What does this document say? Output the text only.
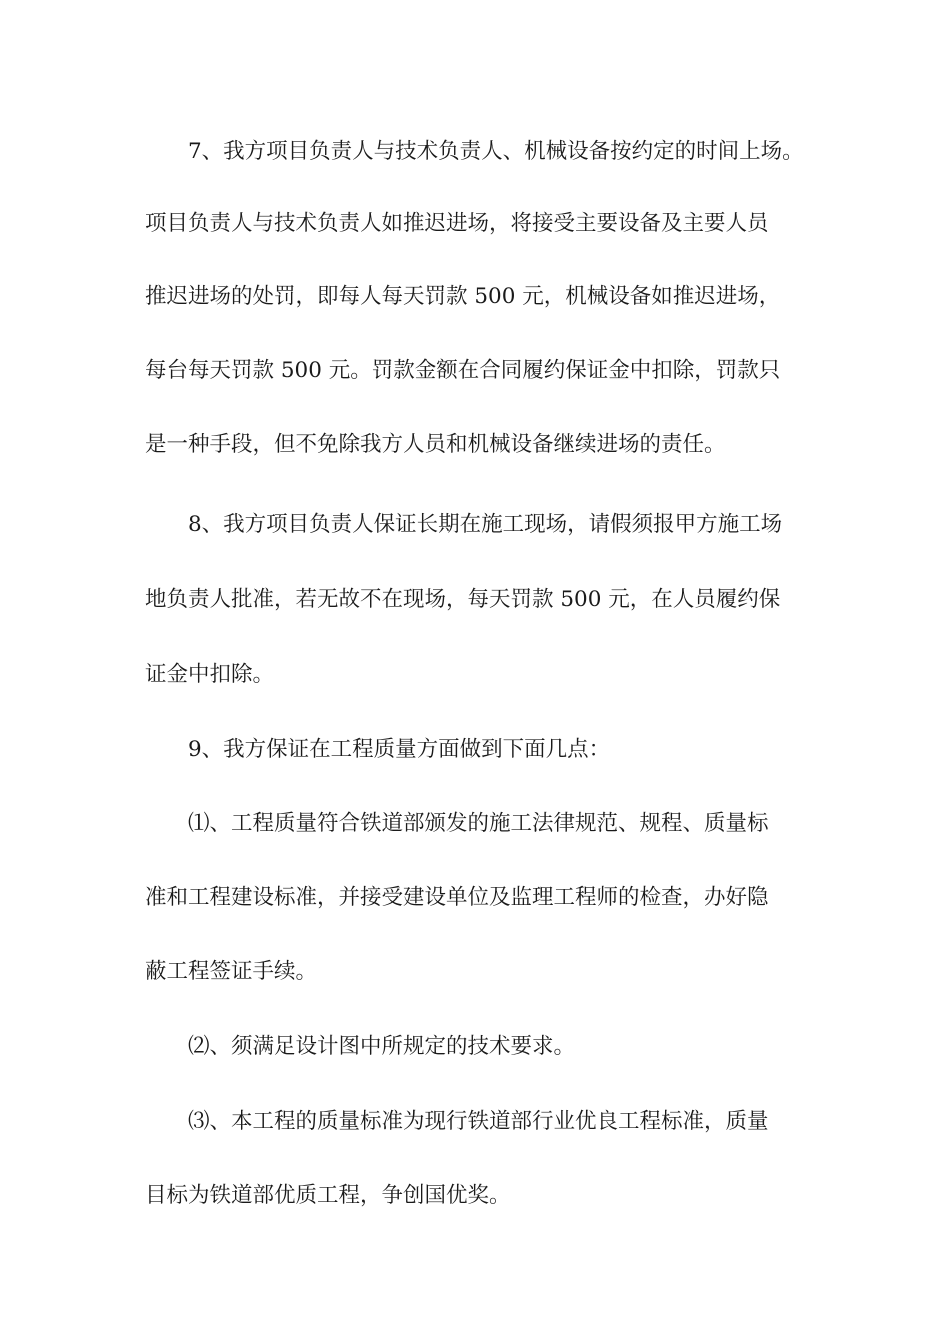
7、我方项目负责人与技术负责人、机械设备按约定的时间上场。
项目负责人与技术负责人如推迟进场，将接受主要设备及主要人员
推迟进场的处罚，即每人每天罚款 500 元，机械设备如推迟进场，
每台每天罚款 500 元。罚款金额在合同履约保证金中扣除，罚款只
是一种手段，但不免除我方人员和机械设备继续进场的责任。
8、我方项目负责人保证长期在施工现场，请假须报甲方施工场
地负责人批准，若无故不在现场，每天罚款 500 元，在人员履约保
证金中扣除。
9、我方保证在工程质量方面做到下面几点：
⑴、工程质量符合铁道部颁发的施工法律规范、规程、质量标
准和工程建设标准，并接受建设单位及监理工程师的检查，办好隐
蔽工程签证手续。
⑵、须满足设计图中所规定的技术要求。
⑶、本工程的质量标准为现行铁道部行业优良工程标准，质量
目标为铁道部优质工程，争创国优奖。
